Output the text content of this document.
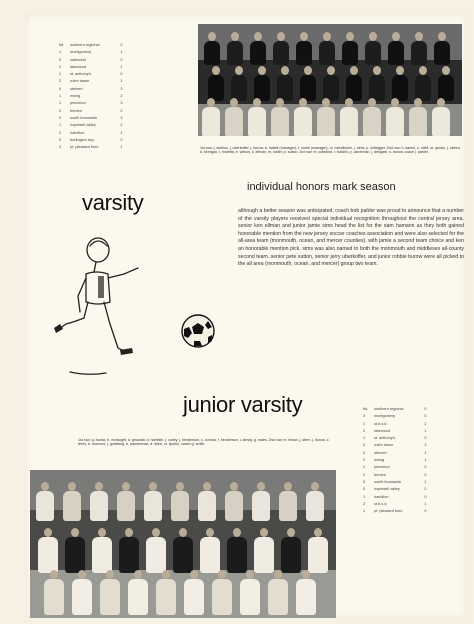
1st row: j. stelbus, j. uberkoffer, j. burow, b. hallett (manager), t. roshe (manager), m. mendlsohn, j. sims, p. wittrigger. 2nd row: h. kamel, n. sifell, m. quinto, j. ziebra, d. kerrigan, r. moletta, e. wilson, k. ellman, m. haller, p. sutton. 3rd row: m. crawford, r. baldini, p. carchman, j. dengate, s. burow, coach j. pahler.
fld.	southern regional	0
1	montgomery	1
0	cathedral	2
2	lakewood	1
1	st. anthony's	0
2	notre dame	1
0	steinert	3
1	ewing	2
1	princeton	3
2	trenton	2
0	south brunswick	3
1	hopewell valley	2
2	hamilton	1
0	burlington twp.	0
3	pt. pleasant boro	1
varsity
individual honors mark season
although a better season was anticipated, coach bob pahler was proud to announce that a number of the varsity players received special individual recognition throughout the central jersey area. senior ken ellman and junior jamie sims head the list for the sam hamann as they both gained honorable mention from the new jersey soccer coaches association and were also selected for the all-area team (monmouth, ocean, and mercer counties). with jamie a second team choice and ken an honorable mention pick. sims was also named to both the monmouth and middlesex all-county second team. senior pete sutton, senior jerry uberkoffer, and junior robbie burow were all picked to the all area (monmouth, ocean, and mercer) group two team.
junior varsity	fld.	southern regional	0
4	montgomery	0
1	st.b.s.d.	2
2	lakewood	1
1	st. anthony's	0
0	notre dame	3
0	steinert	1
2	ewing	1
1	princeton	0
2	trenton	0
3	south brunswick	1
0	hopewell valley	0
1	hamilton	0
2	st.b.s.d.	1
1	pt. pleasant boro	0
1st row: g. burow, b. mcfaught, d. gnaulati, d. hamblin, j. curley, j. henderson, c. conrad, f. henderson, l. almay, g. mairs. 2nd row: m. braun, j. stern, j. burow, c. ferris, e. morrone, j. goldberg, b. bauderman, d. allen, m. lipchin, coach g. smith.
